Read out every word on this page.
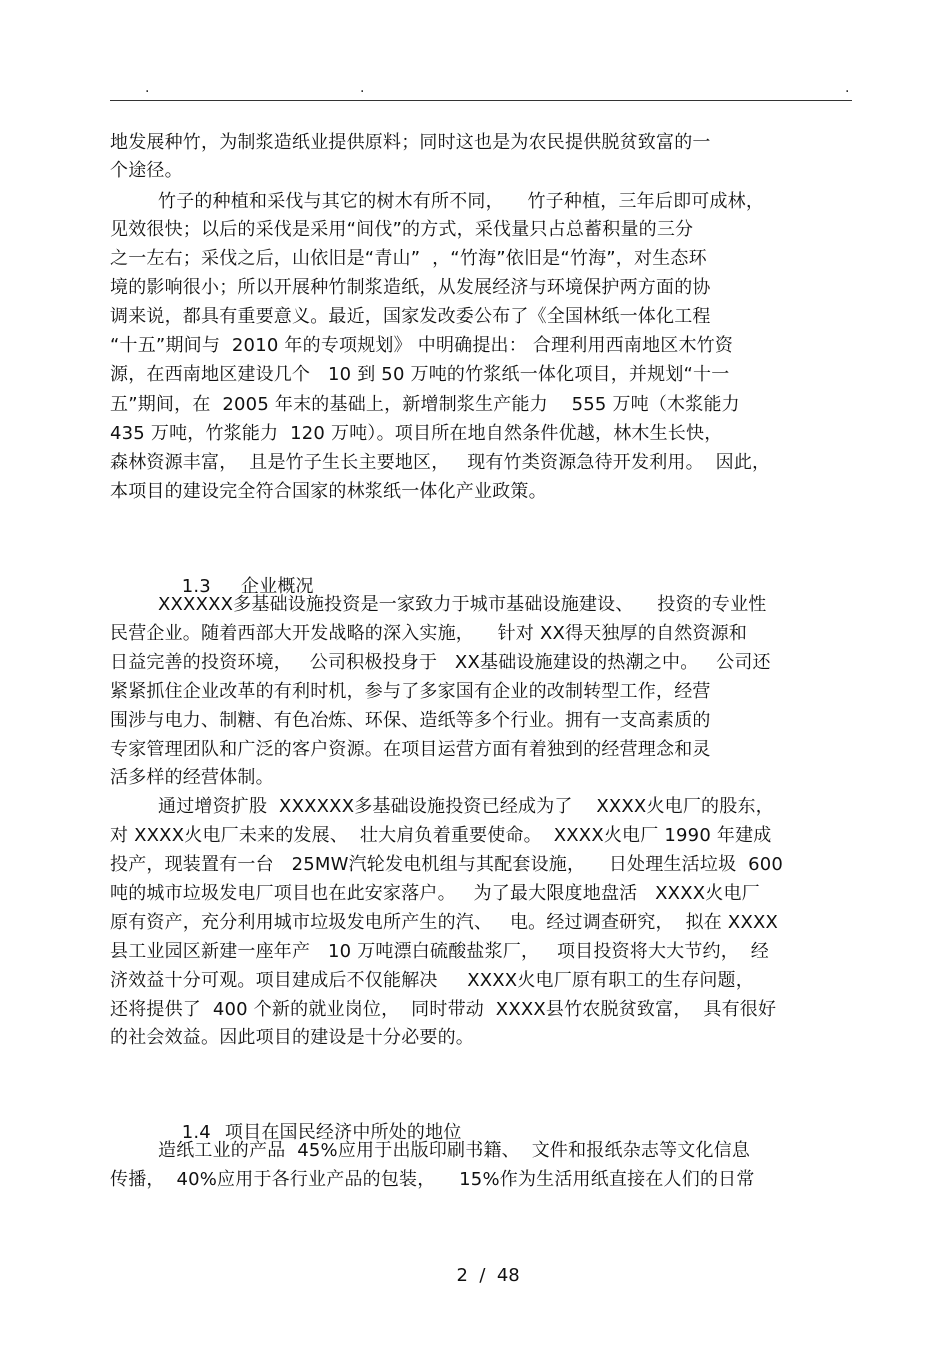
.	.	.
地发展种竹，为制浆造纸业提供原料；同时这也是为农民提供脱贫致富的一
个途径。
竹子的种植和采伐与其它的树木有所不同，    竹子种植，三年后即可成林，
见效很快；以后的采伐是采用“间伐”的方式，采伐量只占总蓄积量的三分
之一左右；采伐之后，山依旧是“青山”  ，“竹海”依旧是“竹海”，对生态环
境的影响很小；所以开展种竹制浆造纸，从发展经济与环境保护两方面的协
调来说，都具有重要意义。最近，国家发改委公布了《全国林纸一体化工程
“十五”期间与  2010 年的专项规划》 中明确提出： 合理利用西南地区木竹资
源，在西南地区建设几个   10 到 50 万吨的竹浆纸一体化项目，并规划“十一
五”期间，在  2005 年末的基础上，新增制浆生产能力    555 万吨（木浆能力
435 万吨，竹浆能力  120 万吨）。项目所在地自然条件优越，林木生长快，
森林资源丰富，  且是竹子生长主要地区，   现有竹类资源急待开发利用。  因此，
本项目的建设完全符合国家的林浆纸一体化产业政策。

1.3 企业概况

XXXXXX多基础设施投资是一家致力于城市基础设施建设、    投资的专业性
民营企业。随着西部大开发战略的深入实施，    针对 XX得天独厚的自然资源和
日益完善的投资环境，   公司积极投身于   XX基础设施建设的热潮之中。   公司还
紧紧抓住企业改革的有利时机，参与了多家国有企业的改制转型工作，经营
围涉与电力、制糖、有色冶炼、环保、造纸等多个行业。拥有一支高素质的
专家管理团队和广泛的客户资源。在项目运营方面有着独到的经营理念和灵
活多样的经营体制。
通过增资扩股  XXXXXX多基础设施投资已经成为了    XXXX火电厂的股东，
对 XXXX火电厂未来的发展、  壮大肩负着重要使命。  XXXX火电厂 1990 年建成
投产，现装置有一台   25MW汽轮发电机组与其配套设施，    日处理生活垃圾  600
吨的城市垃圾发电厂项目也在此安家落户。   为了最大限度地盘活   XXXX火电厂
原有资产，充分利用城市垃圾发电所产生的汽、   电。经过调查研究，  拟在 XXXX
县工业园区新建一座年产   10 万吨漂白硫酸盐浆厂，   项目投资将大大节约，  经
济效益十分可观。项目建成后不仅能解决     XXXX火电厂原有职工的生存问题，
还将提供了  400 个新的就业岗位，  同时带动  XXXX县竹农脱贫致富，  具有很好
的社会效益。因此项目的建设是十分必要的。

1.4 项目在国民经济中所处的地位

造纸工业的产品  45%应用于出版印刷书籍、  文件和报纸杂志等文化信息
传播，  40%应用于各行业产品的包装，    15%作为生活用纸直接在人们的日常

2  /  48
